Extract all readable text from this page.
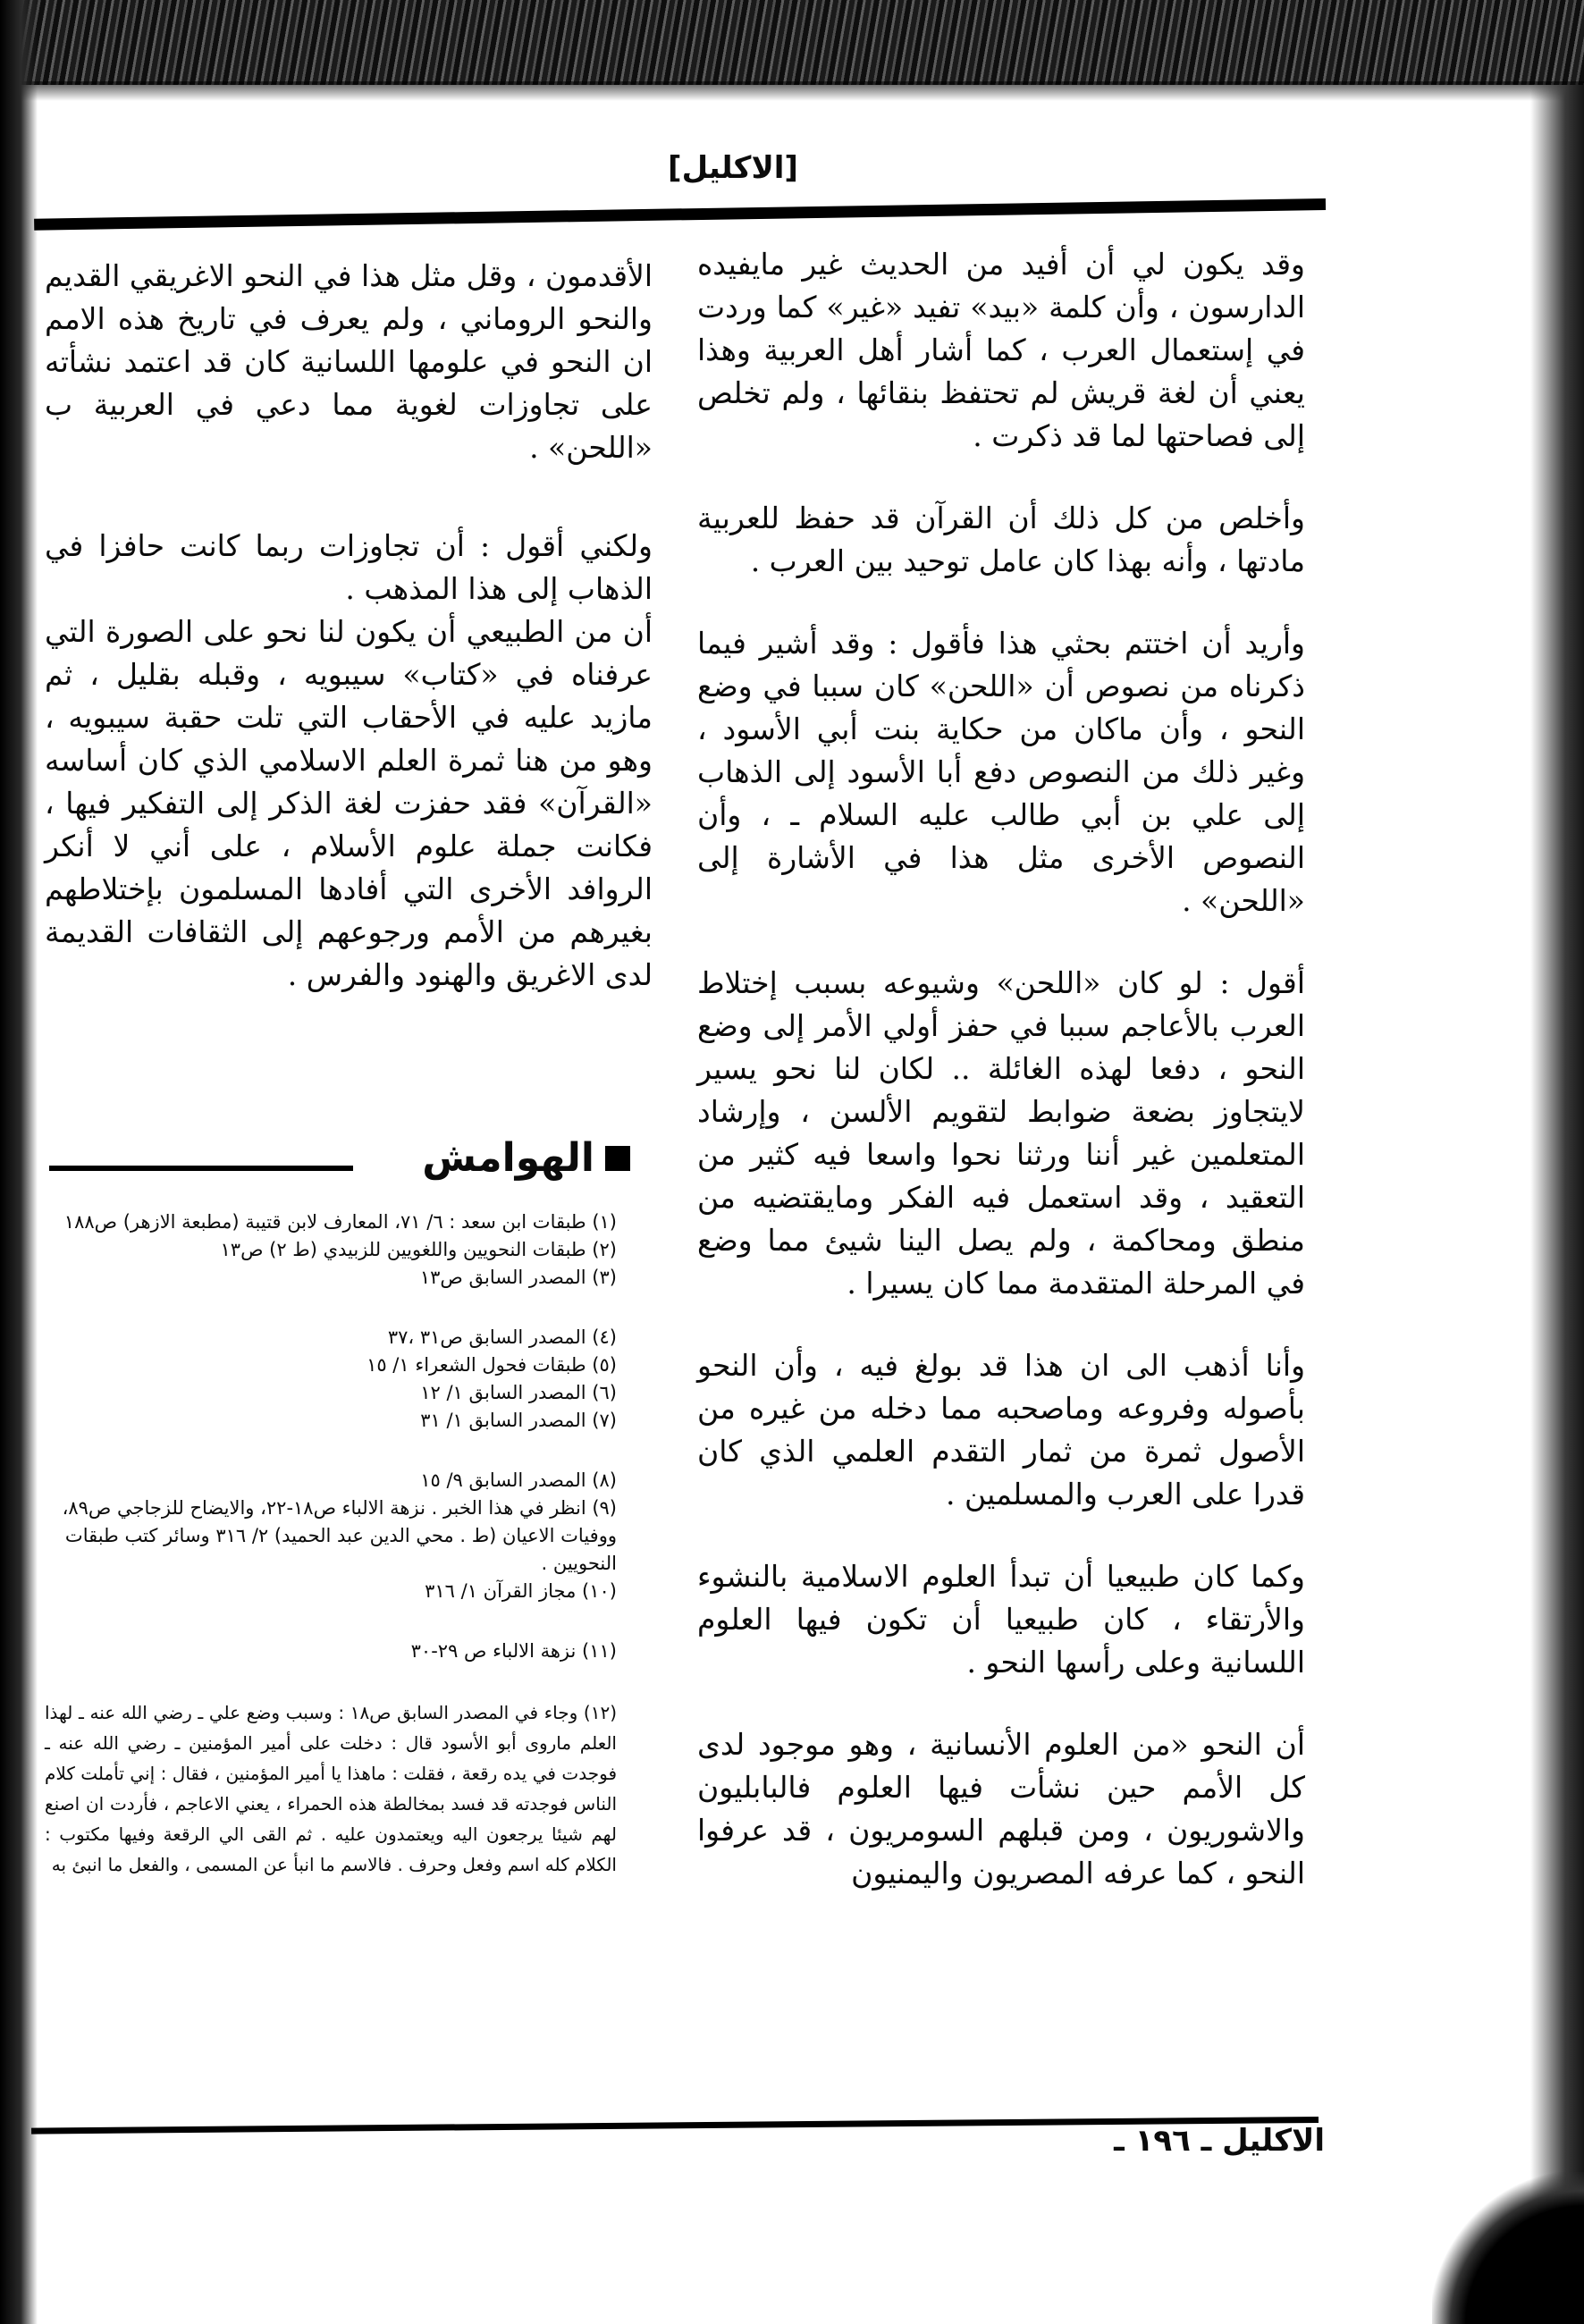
[الاكليل]

وقد يكون لي أن أفيد من الحديث غير مايفيده الدارسون ، وأن كلمة «بيد» تفيد «غير» كما وردت في إستعمال العرب ، كما أشار أهل العربية وهذا يعني أن لغة قريش لم تحتفظ بنقائها ، ولم تخلص إلى فصاحتها لما قد ذكرت .

وأخلص من كل ذلك أن القرآن قد حفظ للعربية مادتها ، وأنه بهذا كان عامل توحيد بين العرب .

وأريد أن اختتم بحثي هذا فأقول : وقد أشير فيما ذكرناه من نصوص أن «اللحن» كان سببا في وضع النحو ، وأن ماكان من حكاية بنت أبي الأسود ، وغير ذلك من النصوص دفع أبا الأسود إلى الذهاب إلى علي بن أبي طالب عليه السلام ـ ، وأن النصوص الأخرى مثل هذا في الأشارة إلى «اللحن» .

أقول : لو كان «اللحن» وشيوعه بسبب إختلاط العرب بالأعاجم سببا في حفز أولي الأمر إلى وضع النحو ، دفعا لهذه الغائلة .. لكان لنا نحو يسير لايتجاوز بضعة ضوابط لتقويم الألسن ، وإرشاد المتعلمين غير أننا ورثنا نحوا واسعا فيه كثير من التعقيد ، وقد استعمل فيه الفكر ومايقتضيه من منطق ومحاكمة ، ولم يصل الينا شيئ مما وضع في المرحلة المتقدمة مما كان يسيرا .

وأنا أذهب الى ان هذا قد بولغ فيه ، وأن النحو بأصوله وفروعه وماصحبه مما دخله من غيره من الأصول ثمرة من ثمار التقدم العلمي الذي كان قدرا على العرب والمسلمين .

وكما كان طبيعيا أن تبدأ العلوم الاسلامية بالنشوء والأرتقاء ، كان طبيعيا أن تكون فيها العلوم اللسانية وعلى رأسها النحو .

أن النحو «من العلوم الأنسانية ، وهو موجود لدى كل الأمم حين نشأت فيها العلوم فالبابليون والاشوريون ، ومن قبلهم السومريون ، قد عرفوا النحو ، كما عرفه المصريون واليمنيون

الأقدمون ، وقل مثل هذا في النحو الاغريقي القديم والنحو الروماني ، ولم يعرف في تاريخ هذه الامم ان النحو في علومها اللسانية كان قد اعتمد نشأته على تجاوزات لغوية مما دعي في العربية ب «اللحن» .

ولكني أقول : أن تجاوزات ربما كانت حافزا في الذهاب إلى هذا المذهب .

أن من الطبيعي أن يكون لنا نحو على الصورة التي عرفناه في «كتاب» سيبويه ، وقبله بقليل ، ثم مازيد عليه في الأحقاب التي تلت حقبة سيبويه ، وهو من هنا ثمرة العلم الاسلامي الذي كان أساسه «القرآن» فقد حفزت لغة الذكر إلى التفكير فيها ، فكانت جملة علوم الأسلام ، على أني لا أنكر الروافد الأخرى التي أفادها المسلمون بإختلاطهم بغيرهم من الأمم ورجوعهم إلى الثقافات القديمة لدى الاغريق والهنود والفرس .

الهوامش

(١) طبقات ابن سعد : ٦/ ٧١، المعارف لابن قتيبة (مطبعة الازهر) ص١٨٨

(٢) طبقات النحويين واللغويين للزبيدي (ط ٢) ص١٣

(٣) المصدر السابق ص١٣

(٤) المصدر السابق ص٣١ ،٣٧

(٥) طبقات فحول الشعراء ١/ ١٥

(٦) المصدر السابق ١/ ١٢

(٧) المصدر السابق ١/ ٣١

(٨) المصدر السابق ٩/ ١٥

(٩) انظر في هذا الخبر . نزهة الالباء ص١٨-٢٢، والايضاح للزجاجي ص٨٩، ووفيات الاعيان (ط . محي الدين عبد الحميد) ٢/ ٣١٦ وسائر كتب طبقات النحويين .

(١٠) مجاز القرآن ١/ ٣١٦

(١١) نزهة الالباء ص ٢٩-٣٠

(١٢) وجاء في المصدر السابق ص١٨ : وسبب وضع علي ـ رضي الله عنه ـ لهذا العلم ماروى أبو الأسود قال : دخلت على أمير المؤمنين ـ رضي الله عنه ـ فوجدت في يده رقعة ، فقلت : ماهذا يا أمير المؤمنين ، فقال : إني تأملت كلام الناس فوجدته قد فسد بمخالطة هذه الحمراء ، يعني الاعاجم ، فأردت ان اصنع لهم شيئا يرجعون اليه ويعتمدون عليه . ثم القى الي الرقعة وفيها مكتوب : الكلام كله اسم وفعل وحرف . فالاسم ما انبأ عن المسمى ، والفعل ما انبئ به

الاكليل ـ ١٩٦ ـ
